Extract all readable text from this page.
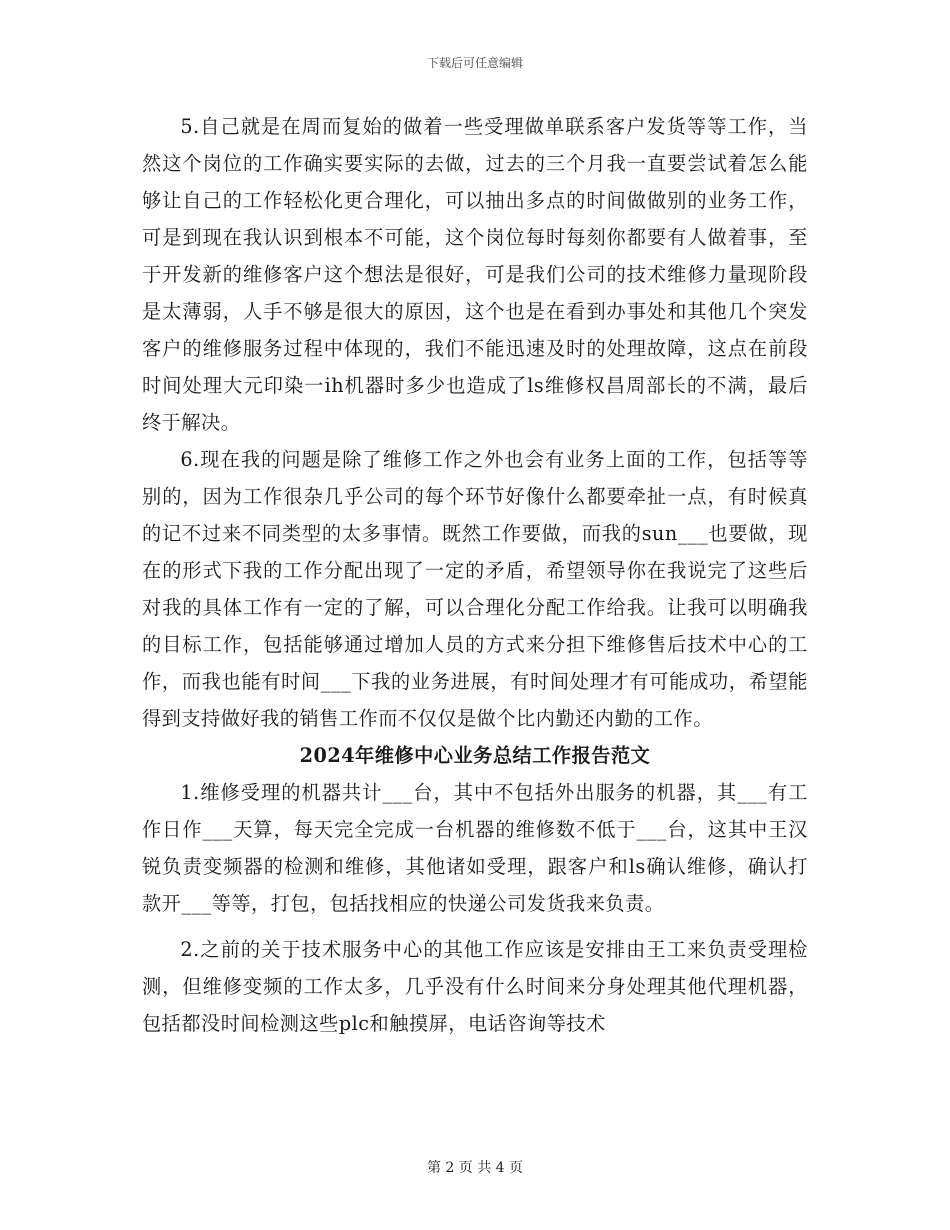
下载后可任意编辑

5.自己就是在周而复始的做着一些受理做单联系客户发货等等工作，当然这个岗位的工作确实要实际的去做，过去的三个月我一直要尝试着怎么能够让自己的工作轻松化更合理化，可以抽出多点的时间做做别的业务工作，可是到现在我认识到根本不可能，这个岗位每时每刻你都要有人做着事，至于开发新的维修客户这个想法是很好，可是我们公司的技术维修力量现阶段是太薄弱，人手不够是很大的原因，这个也是在看到办事处和其他几个突发客户的维修服务过程中体现的，我们不能迅速及时的处理故障，这点在前段时间处理大元印染一ih机器时多少也造成了ls维修权昌周部长的不满，最后终于解决。

6.现在我的问题是除了维修工作之外也会有业务上面的工作，包括等等别的，因为工作很杂几乎公司的每个环节好像什么都要牵扯一点，有时候真的记不过来不同类型的太多事情。既然工作要做，而我的sun___也要做，现在的形式下我的工作分配出现了一定的矛盾，希望领导你在我说完了这些后对我的具体工作有一定的了解，可以合理化分配工作给我。让我可以明确我的目标工作，包括能够通过增加人员的方式来分担下维修售后技术中心的工作，而我也能有时间___下我的业务进展，有时间处理才有可能成功，希望能得到支持做好我的销售工作而不仅仅是做个比内勤还内勤的工作。

2024年维修中心业务总结工作报告范文

1.维修受理的机器共计___台，其中不包括外出服务的机器，其___有工作日作___天算，每天完全完成一台机器的维修数不低于___台，这其中王汉锐负责变频器的检测和维修，其他诸如受理，跟客户和ls确认维修，确认打款开___等等，打包，包括找相应的快递公司发货我来负责。

2.之前的关于技术服务中心的其他工作应该是安排由王工来负责受理检测，但维修变频的工作太多，几乎没有什么时间来分身处理其他代理机器，包括都没时间检测这些plc和触摸屏，电话咨询等技术

第 2 页 共 4 页
